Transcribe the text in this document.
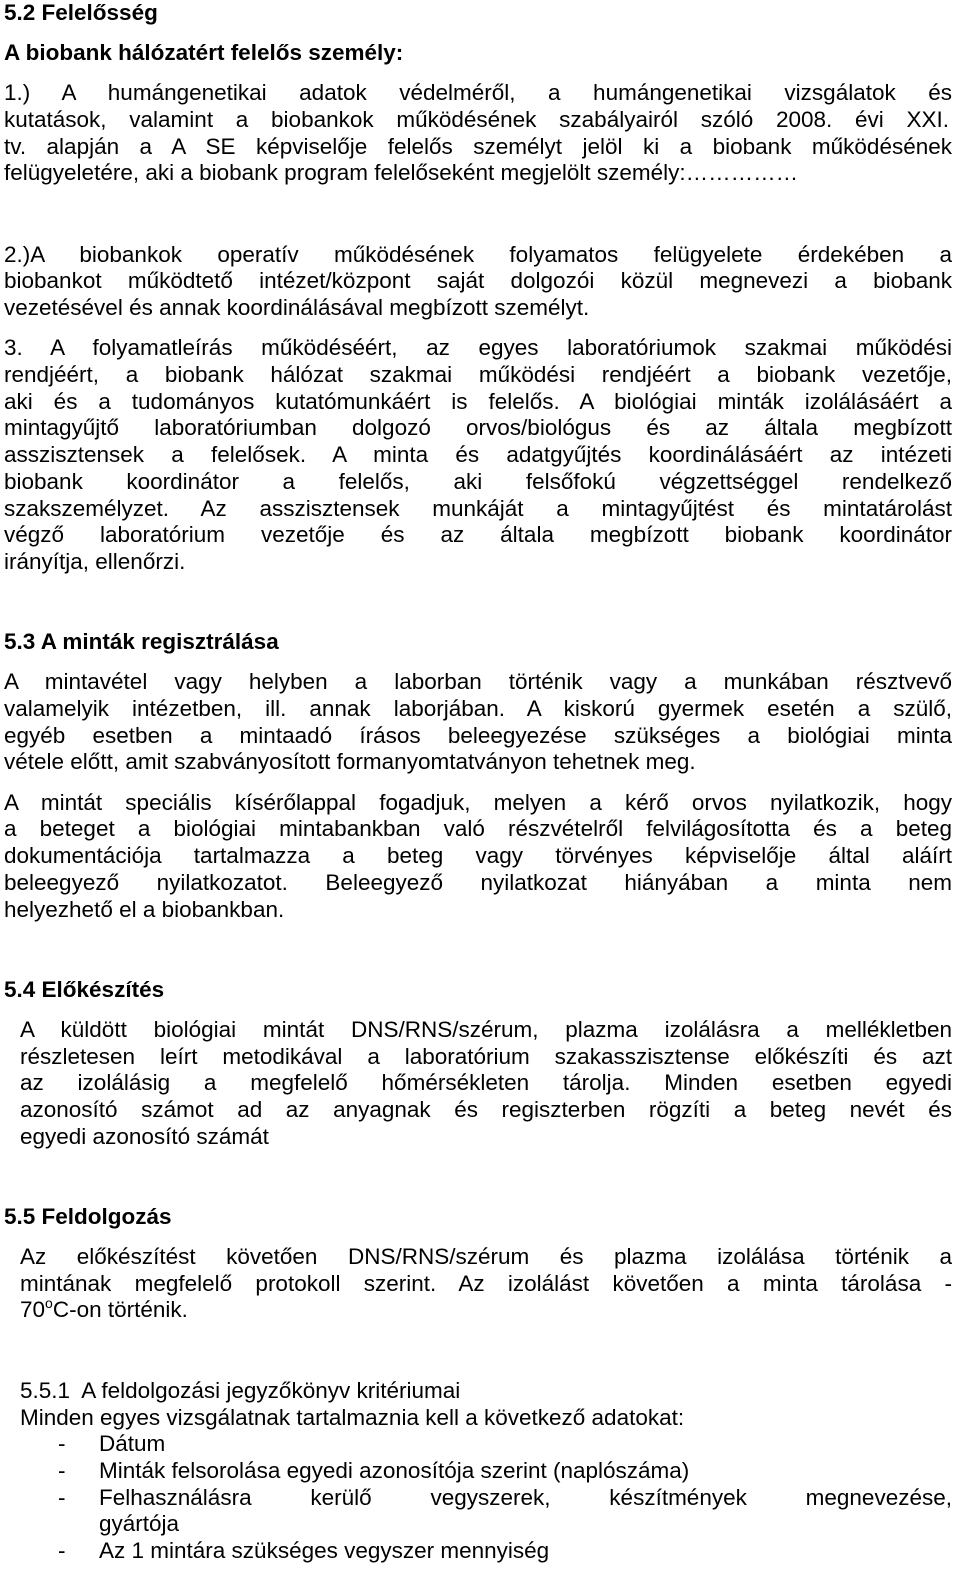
5.2 Felelősség
A biobank hálózatért felelős személy:
1.) A humángenetikai adatok védelméről, a humángenetikai vizsgálatok és
kutatások, valamint a biobankok működésének szabályairól szóló 2008. évi XXI.
tv. alapján a A SE képviselője felelős személyt jelöl ki a biobank működésének
felügyeletére, aki a biobank program felelőseként megjelölt személy:……………
2.)A biobankok operatív működésének folyamatos felügyelete érdekében a
biobankot működtető intézet/központ saját dolgozói közül megnevezi a biobank
vezetésével és annak koordinálásával megbízott személyt.
3. A folyamatleírás működéséért, az egyes laboratóriumok szakmai működési
rendjéért, a biobank hálózat szakmai működési rendjéért a biobank vezetője,
aki és a tudományos kutatómunkáért is felelős. A biológiai minták izolálásáért a
mintagyűjtő laboratóriumban dolgozó orvos/biológus és az általa megbízott
asszisztensek a felelősek. A minta és adatgyűjtés koordinálásáért az intézeti
biobank koordinátor a felelős, aki felsőfokú végzettséggel rendelkező
szakszemélyzet. Az asszisztensek munkáját a mintagyűjtést és mintatárolást
végző laboratórium vezetője és az általa megbízott biobank koordinátor
irányítja, ellenőrzi.
5.3 A minták regisztrálása
A mintavétel vagy helyben a laborban történik vagy a munkában résztvevő
valamelyik intézetben, ill. annak laborjában. A kiskorú gyermek esetén a szülő,
egyéb esetben a mintaadó írásos beleegyezése szükséges a biológiai minta
vétele előtt, amit szabványosított formanyomtatványon tehetnek meg.
A mintát speciális kísérőlappal fogadjuk, melyen a kérő orvos nyilatkozik, hogy
a beteget a biológiai mintabankban való részvételről felvilágosította és a beteg
dokumentációja tartalmazza a beteg vagy törvényes képviselője által aláírt
beleegyező nyilatkozatot. Beleegyező nyilatkozat hiányában a minta nem
helyezhető el a biobankban.
5.4 Előkészítés
A küldött biológiai mintát DNS/RNS/szérum, plazma izolálásra a mellékletben
részletesen leírt metodikával a laboratórium szakasszisztense előkészíti és azt
az izolálásig a megfelelő hőmérsékleten tárolja. Minden esetben egyedi
azonosító számot ad az anyagnak és regiszterben rögzíti a beteg nevét és
egyedi azonosító számát
5.5 Feldolgozás
Az előkészítést követően DNS/RNS/szérum és plazma izolálása történik a
mintának megfelelő protokoll szerint. Az izolálást követően a minta tárolása -
70$^o$C-on történik.
5.5.1  A feldolgozási jegyzőkönyv kritériumai
Minden egyes vizsgálatnak tartalmaznia kell a következő adatokat:
- Dátum
- Minták felsorolása egyedi azonosítója szerint (naplószáma)
- Felhasználásra kerülő vegyszerek, készítmények megnevezése,
gyártója
- Az 1 mintára szükséges vegyszer mennyiség
